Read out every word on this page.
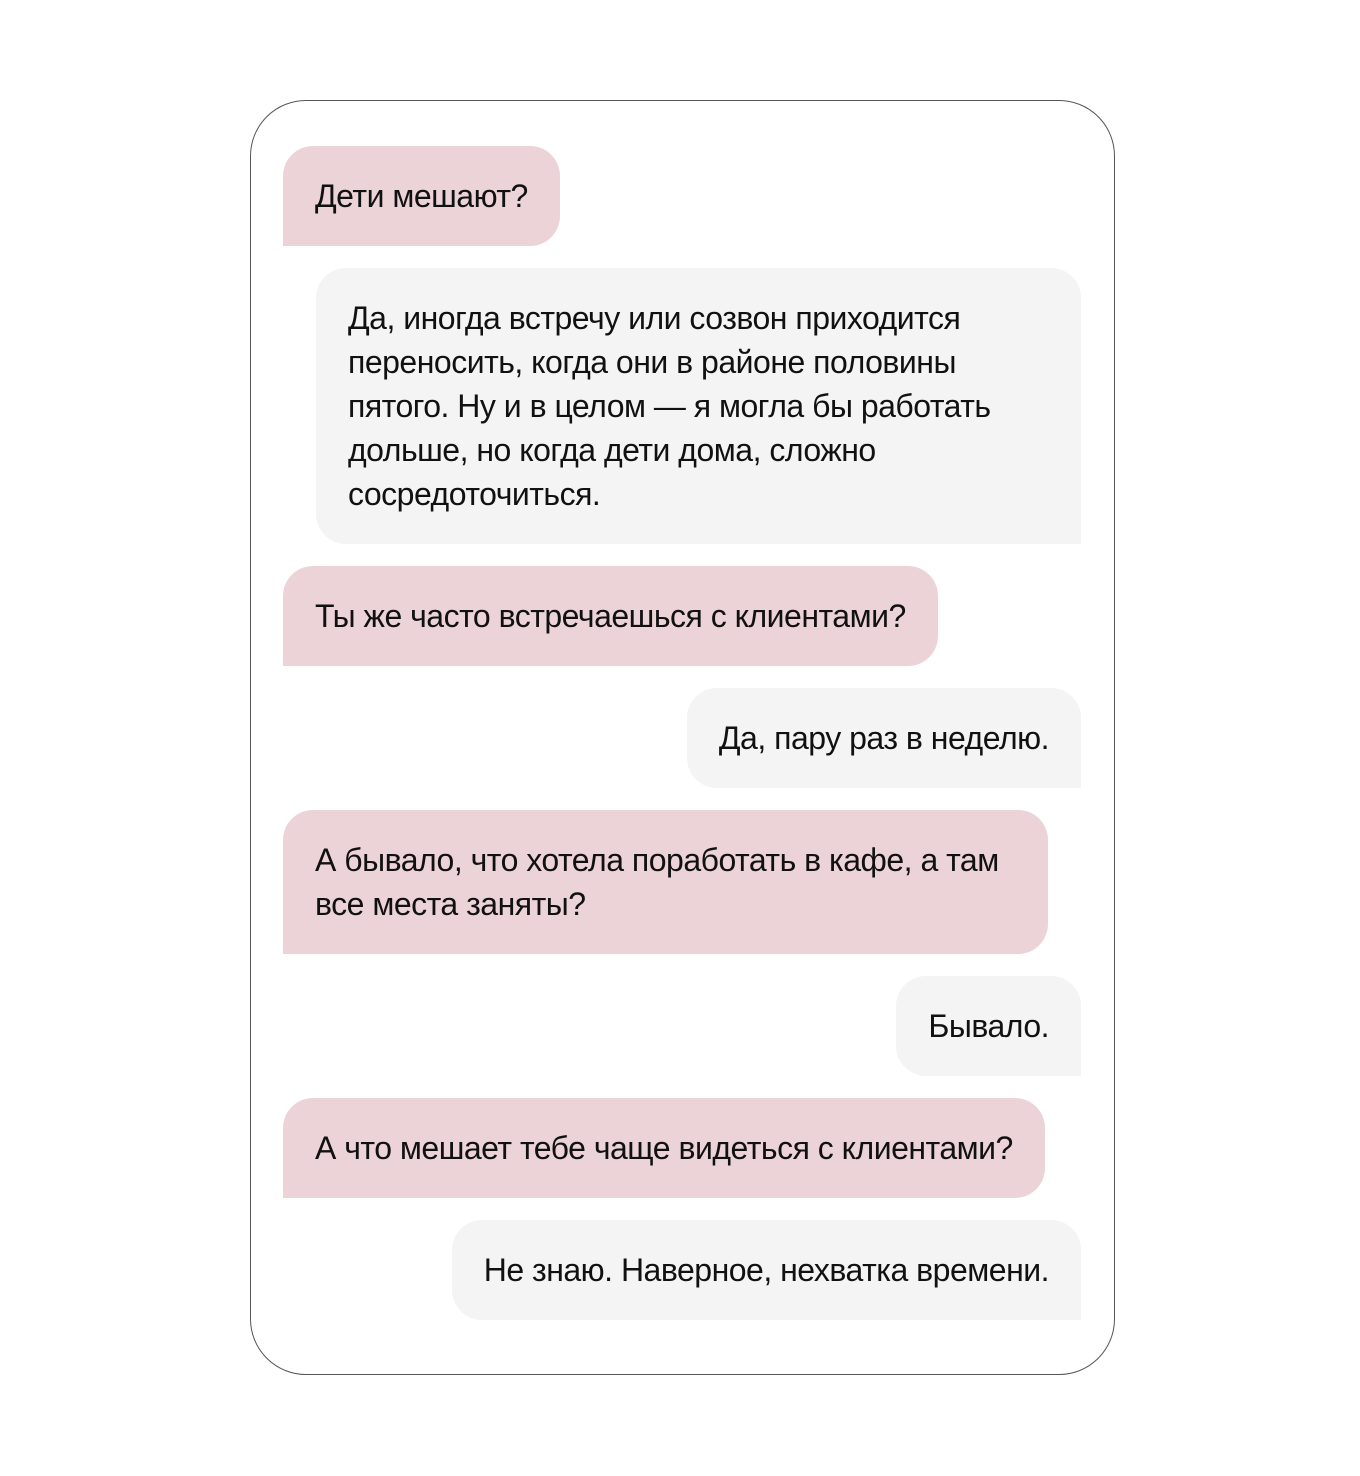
Дети мешают?
Да, иногда встречу или созвон приходится переносить, когда они в районе половины пятого. Ну и в целом — я могла бы работать дольше, но когда дети дома, сложно сосредоточиться.
Ты же часто встречаешься с клиентами?
Да, пару раз в неделю.
А бывало, что хотела поработать в кафе, а там все места заняты?
Бывало.
А что мешает тебе чаще видеться с клиентами?
Не знаю. Наверное, нехватка времени.
